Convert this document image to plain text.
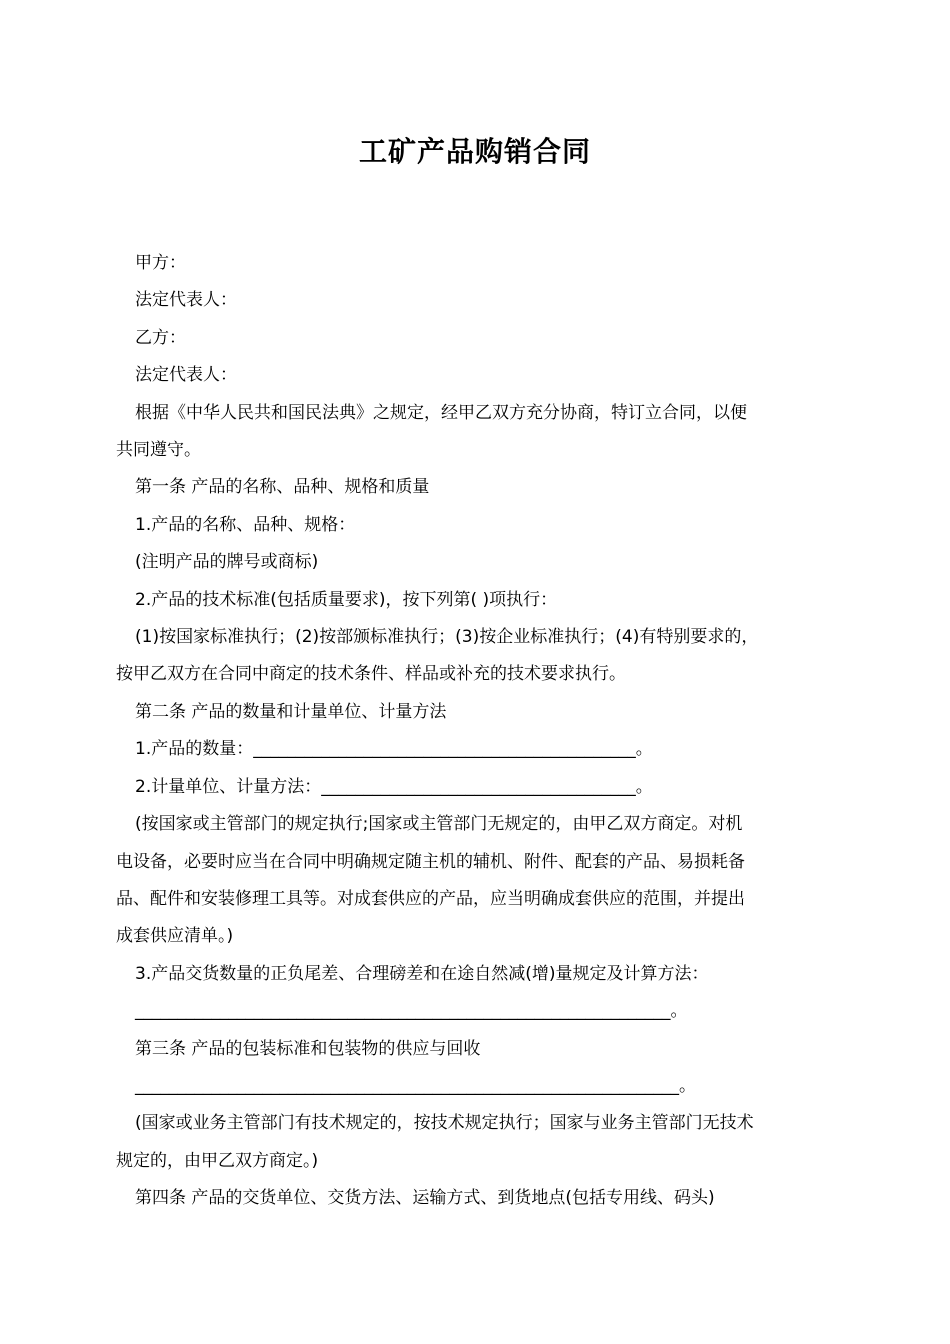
工矿产品购销合同

甲方：

法定代表人：

乙方：

法定代表人：

根据《中华人民共和国民法典》之规定，经甲乙双方充分协商，特订立合同，以便
共同遵守。

第一条 产品的名称、品种、规格和质量

1.产品的名称、品种、规格：

(注明产品的牌号或商标)

2.产品的技术标准(包括质量要求)，按下列第( )项执行：

(1)按国家标准执行；(2)按部颁标准执行；(3)按企业标准执行；(4)有特别要求的，
按甲乙双方在合同中商定的技术条件、样品或补充的技术要求执行。

第二条 产品的数量和计量单位、计量方法

1.产品的数量：_____________________________________________。

2.计量单位、计量方法：_____________________________________。

(按国家或主管部门的规定执行;国家或主管部门无规定的，由甲乙双方商定。对机
电设备，必要时应当在合同中明确规定随主机的辅机、附件、配套的产品、易损耗备
品、配件和安装修理工具等。对成套供应的产品，应当明确成套供应的范围，并提出
成套供应清单。)

3.产品交货数量的正负尾差、合理磅差和在途自然减(增)量规定及计算方法：

_______________________________________________________________。

第三条 产品的包装标准和包装物的供应与回收

________________________________________________________________。

(国家或业务主管部门有技术规定的，按技术规定执行；国家与业务主管部门无技术
规定的，由甲乙双方商定。)

第四条 产品的交货单位、交货方法、运输方式、到货地点(包括专用线、码头)
